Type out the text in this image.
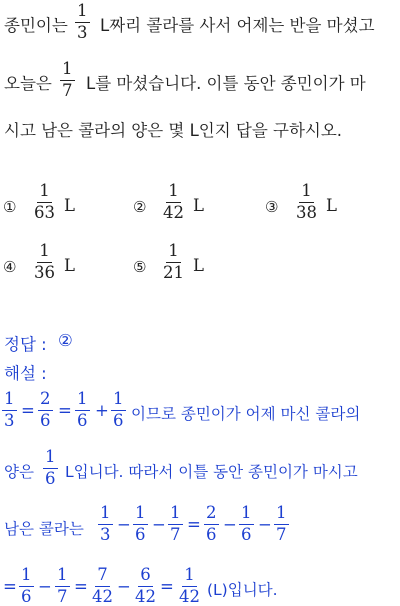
종민이는 $\frac{1}{3}$ L짜리 콜라를 사서 어제는 반을 마셨고
오늘은 $\frac{1}{7}$ L를 마셨습니다. 이틀 동안 종민이가 마
시고 남은 콜라의 양은 몇 L인지 답을 구하시오.
① $\frac{1}{63}$ L	② $\frac{1}{42}$ L	③ $\frac{1}{38}$ L
④ $\frac{1}{36}$ L	⑤ $\frac{1}{21}$ L
정답 : ②
해설 :
$\frac{1}{3} = \frac{2}{6} = \frac{1}{6} + \frac{1}{6}$ 이므로 종민이가 어제 마신 콜라의
양은 $\frac{1}{6}$ L입니다. 따라서 이틀 동안 종민이가 마시고
남은 콜라는 $\frac{1}{3} - \frac{1}{6} - \frac{1}{7} = \frac{2}{6} - \frac{1}{6} - \frac{1}{7}$
= $\frac{1}{6} - \frac{1}{7} = \frac{7}{42} - \frac{6}{42} = \frac{1}{42} (L)$입니다.
